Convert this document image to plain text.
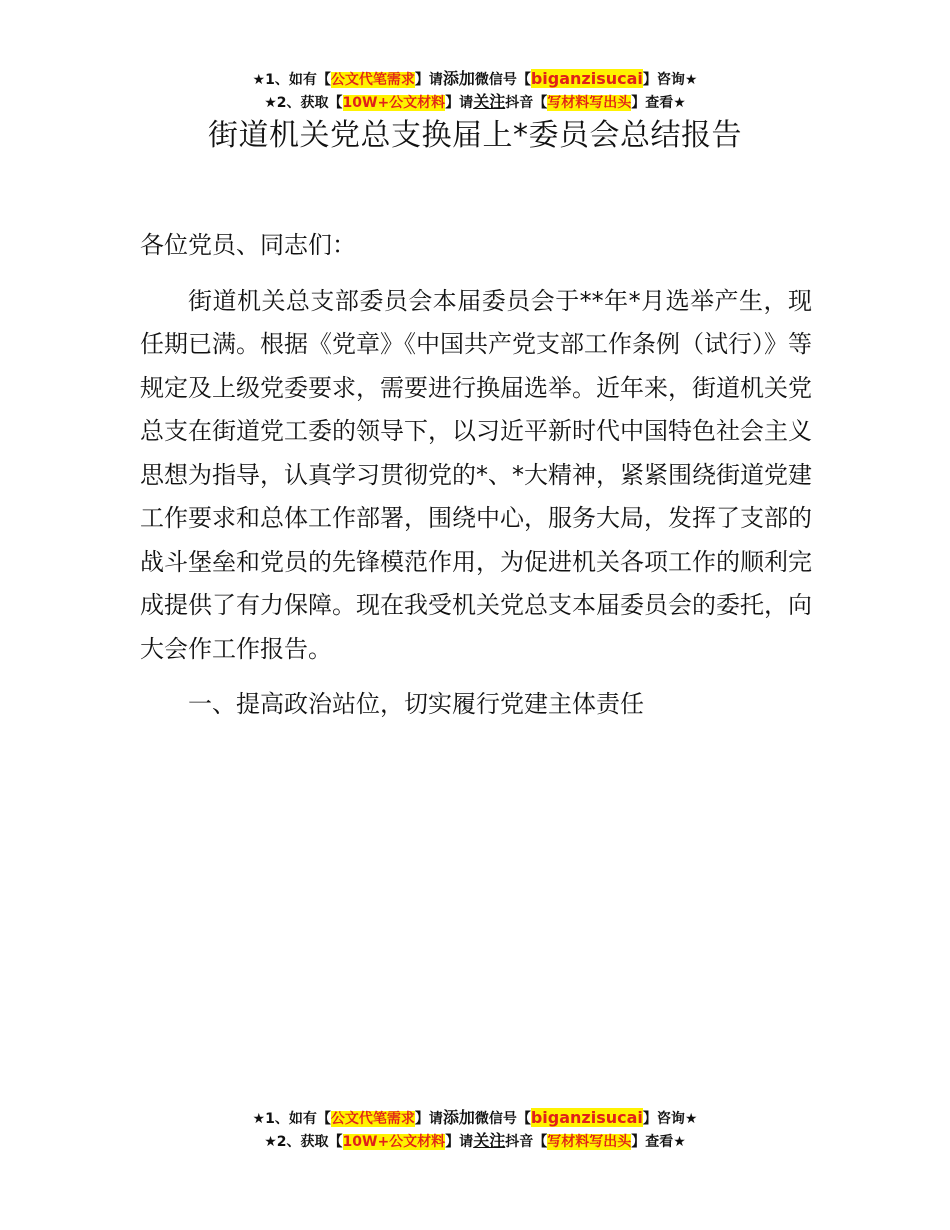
★1、如有【公文代笔需求】请添加微信号【biganzisucai】咨询★
★2、获取【10W+公文材料】请关注抖音【写材料写出头】查看★
街道机关党总支换届上*委员会总结报告

各位党员、同志们：

街道机关总支部委员会本届委员会于**年*月选举产生，现任期已满。根据《党章》《中国共产党支部工作条例（试行）》等规定及上级党委要求，需要进行换届选举。近年来，街道机关党总支在街道党工委的领导下，以习近平新时代中国特色社会主义思想为指导，认真学习贯彻党的*、*大精神，紧紧围绕街道党建工作要求和总体工作部署，围绕中心，服务大局，发挥了支部的战斗堡垒和党员的先锋模范作用，为促进机关各项工作的顺利完成提供了有力保障。现在我受机关党总支本届委员会的委托，向大会作工作报告。

一、提高政治站位，切实履行党建主体责任

★1、如有【公文代笔需求】请添加微信号【biganzisucai】咨询★
★2、获取【10W+公文材料】请关注抖音【写材料写出头】查看★
